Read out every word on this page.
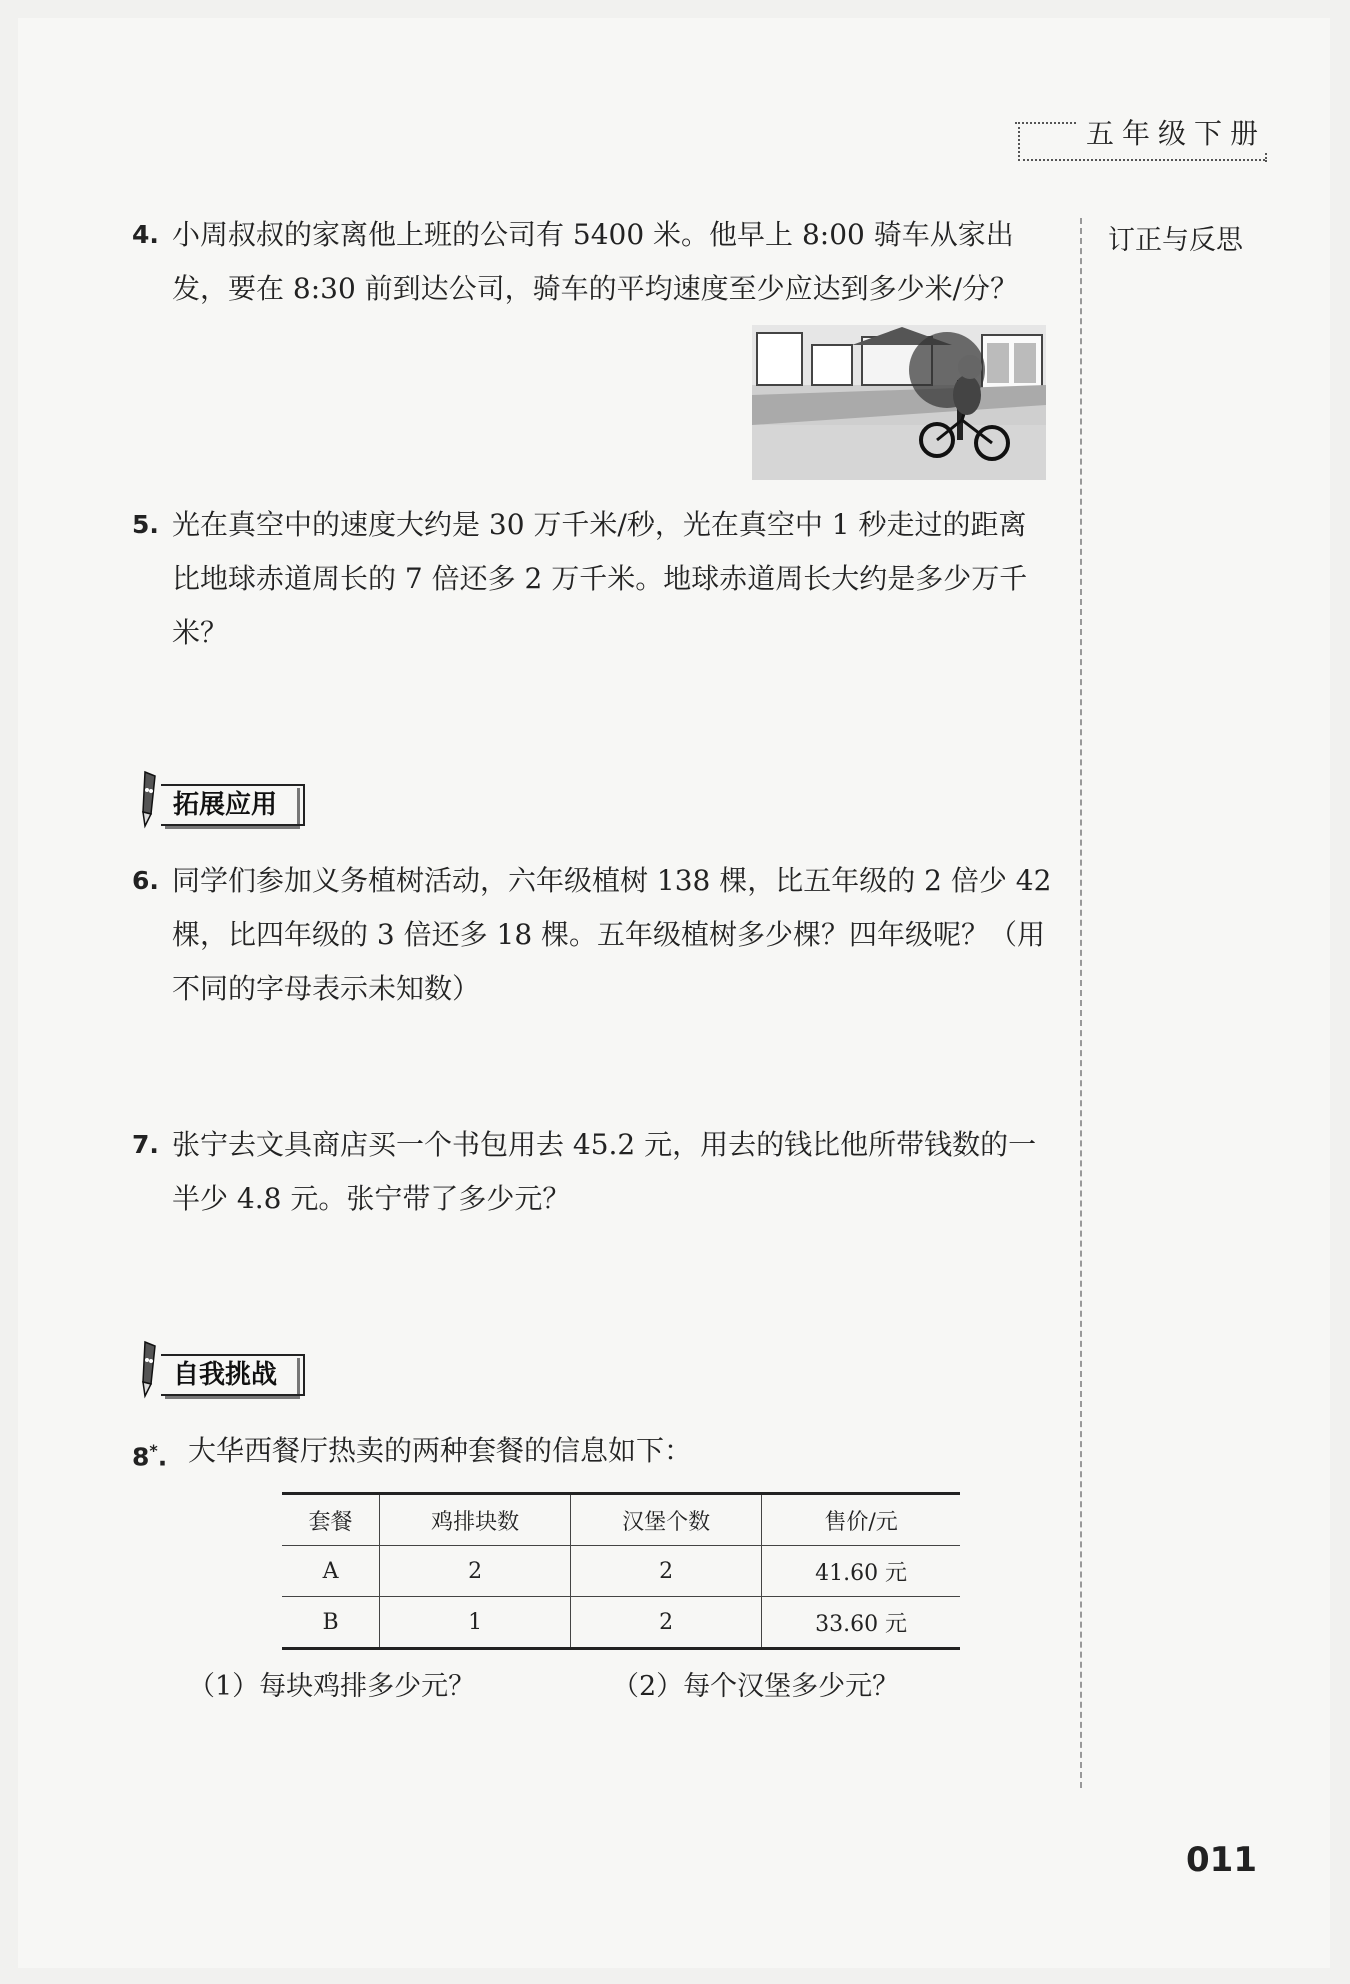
五年级下册
订正与反思
4. 小周叔叔的家离他上班的公司有 5400 米。他早上 8:00 骑车从家出发，要在 8:30 前到达公司，骑车的平均速度至少应达到多少米/分？
5. 光在真空中的速度大约是 30 万千米/秒，光在真空中 1 秒走过的距离比地球赤道周长的 7 倍还多 2 万千米。地球赤道周长大约是多少万千米？
拓展应用
6. 同学们参加义务植树活动，六年级植树 138 棵，比五年级的 2 倍少 42 棵，比四年级的 3 倍还多 18 棵。五年级植树多少棵？四年级呢？（用不同的字母表示未知数）
7. 张宁去文具商店买一个书包用去 45.2 元，用去的钱比他所带钱数的一半少 4.8 元。张宁带了多少元？
自我挑战
8*. 大华西餐厅热卖的两种套餐的信息如下：
套餐	鸡排块数	汉堡个数	售价/元
A	2	2	41.60 元
B	1	2	33.60 元
（1）每块鸡排多少元？	（2）每个汉堡多少元？
011
